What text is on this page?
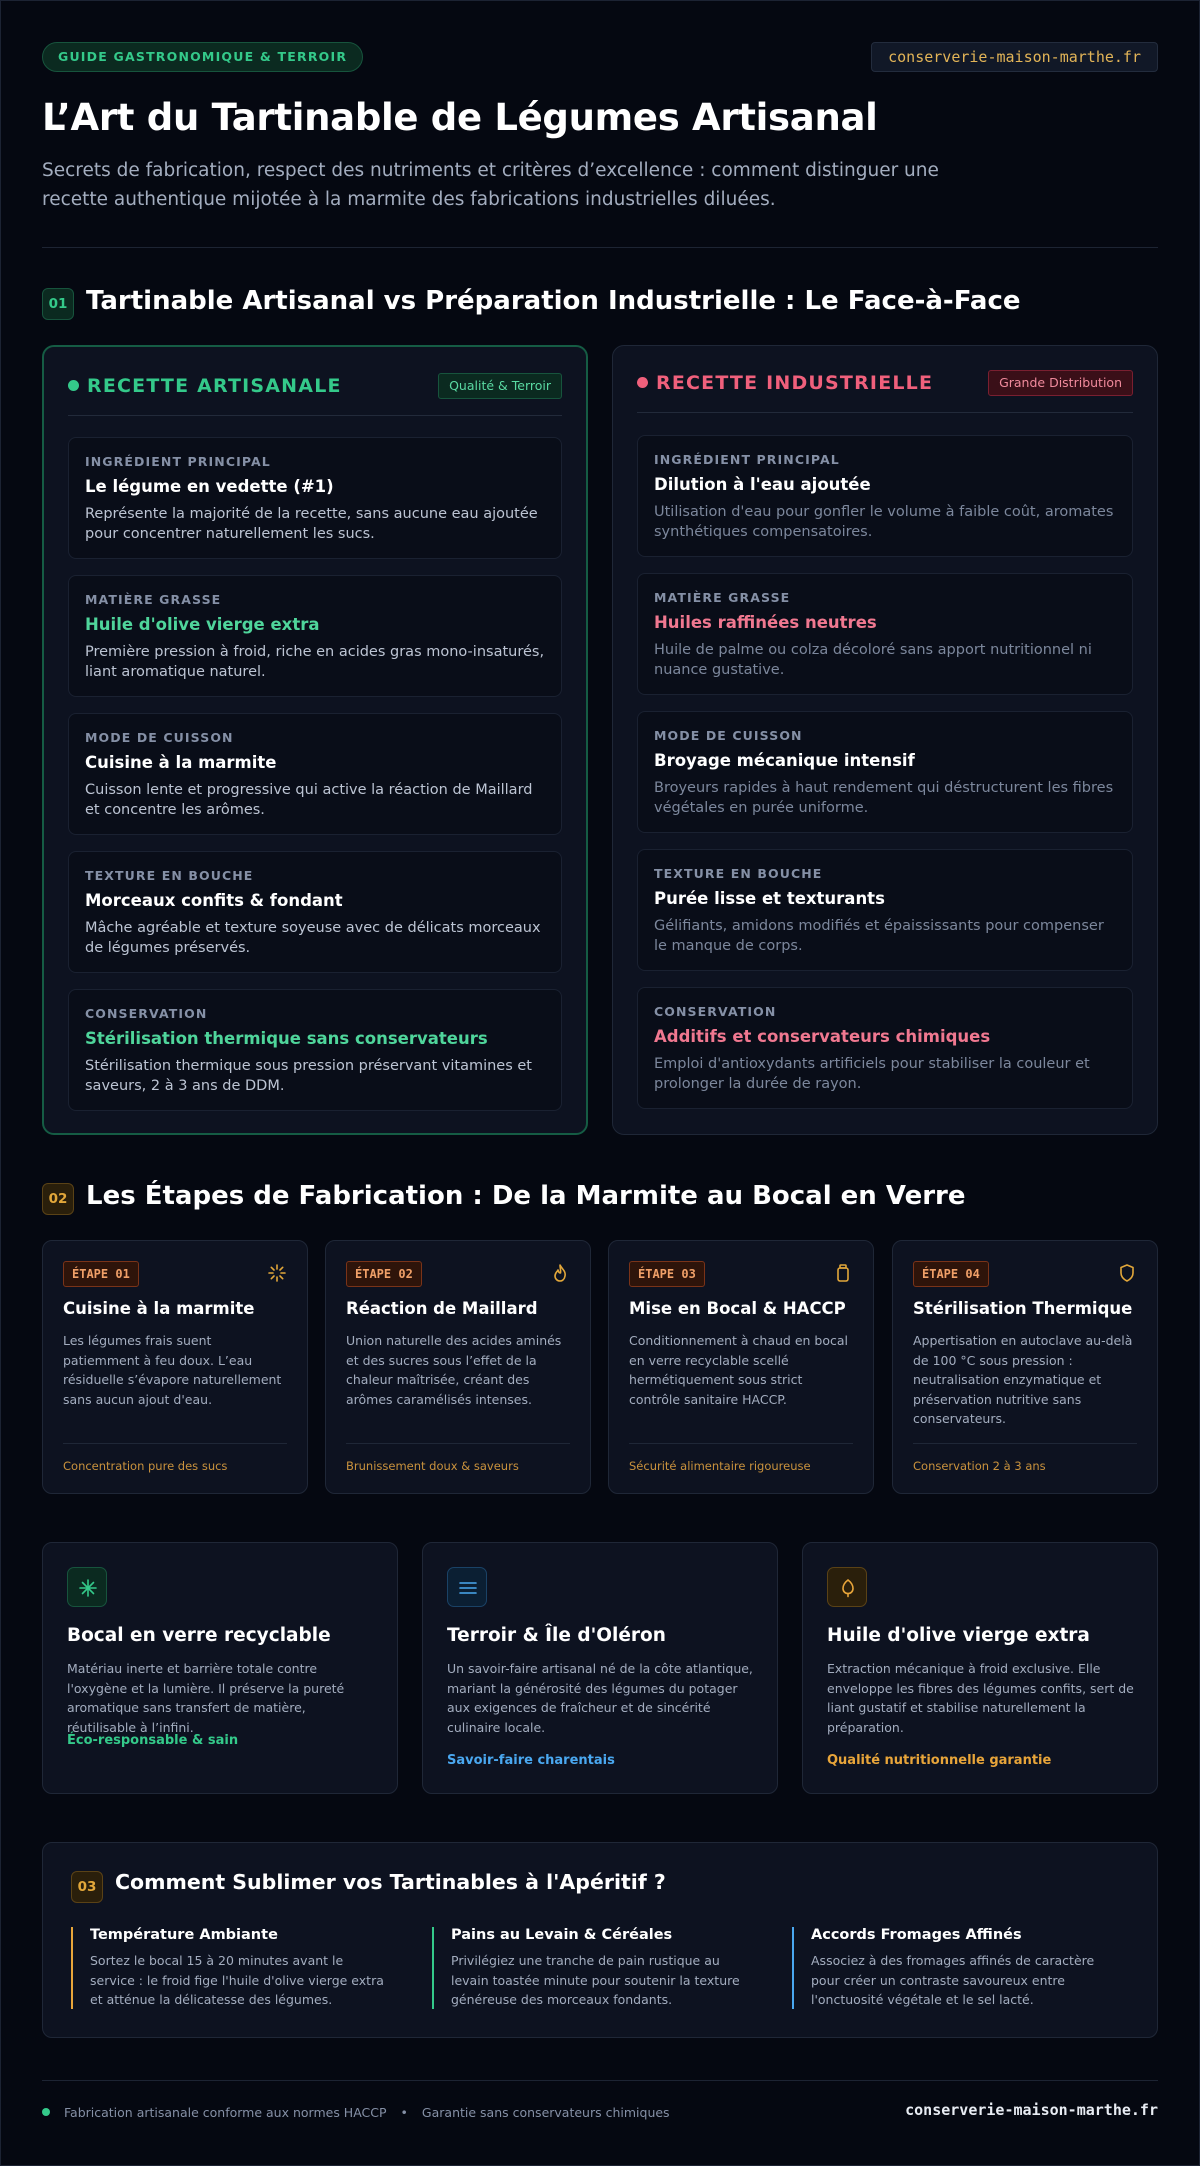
GUIDE GASTRONOMIQUE & TERROIR	conserverie-maison-marthe.fr
L’Art du Tartinable de Légumes Artisanal

Secrets de fabrication, respect des nutriments et critères d’excellence : comment distinguer une recette authentique mijotée à la marmite des fabrications industrielles diluées.

01 Tartinable Artisanal vs Préparation Industrielle : Le Face-à-Face
RECETTE ARTISANALE	Qualité & Terroir
INGRÉDIENT PRINCIPAL
Le légume en vedette (#1)
Représente la majorité de la recette, sans aucune eau ajoutée pour concentrer naturellement les sucs.
MATIÈRE GRASSE
Huile d'olive vierge extra
Première pression à froid, riche en acides gras mono-insaturés, liant aromatique naturel.
MODE DE CUISSON
Cuisine à la marmite
Cuisson lente et progressive qui active la réaction de Maillard et concentre les arômes.
TEXTURE EN BOUCHE
Morceaux confits & fondant
Mâche agréable et texture soyeuse avec de délicats morceaux de légumes préservés.
CONSERVATION
Stérilisation thermique sans conservateurs
Stérilisation thermique sous pression préservant vitamines et saveurs, 2 à 3 ans de DDM.
RECETTE INDUSTRIELLE	Grande Distribution
INGRÉDIENT PRINCIPAL
Dilution à l'eau ajoutée
Utilisation d'eau pour gonfler le volume à faible coût, aromates synthétiques compensatoires.
MATIÈRE GRASSE
Huiles raffinées neutres
Huile de palme ou colza décoloré sans apport nutritionnel ni nuance gustative.
MODE DE CUISSON
Broyage mécanique intensif
Broyeurs rapides à haut rendement qui déstructurent les fibres végétales en purée uniforme.
TEXTURE EN BOUCHE
Purée lisse et texturants
Gélifiants, amidons modifiés et épaississants pour compenser le manque de corps.
CONSERVATION
Additifs et conservateurs chimiques
Emploi d'antioxydants artificiels pour stabiliser la couleur et prolonger la durée de rayon.
02 Les Étapes de Fabrication : De la Marmite au Bocal en Verre
ÉTAPE 01
Cuisine à la marmite
Les légumes frais suent patiemment à feu doux. L’eau résiduelle s’évapore naturellement sans aucun ajout d'eau.
Concentration pure des sucs
ÉTAPE 02
Réaction de Maillard
Union naturelle des acides aminés et des sucres sous l’effet de la chaleur maîtrisée, créant des arômes caramélisés intenses.
Brunissement doux & saveurs
ÉTAPE 03
Mise en Bocal & HACCP
Conditionnement à chaud en bocal en verre recyclable scellé hermétiquement sous strict contrôle sanitaire HACCP.
Sécurité alimentaire rigoureuse
ÉTAPE 04
Stérilisation Thermique
Appertisation en autoclave au-delà de 100 °C sous pression : neutralisation enzymatique et préservation nutritive sans conservateurs.
Conservation 2 à 3 ans
Bocal en verre recyclable
Matériau inerte et barrière totale contre l'oxygène et la lumière. Il préserve la pureté aromatique sans transfert de matière, réutilisable à l’infini.
Éco-responsable & sain
Terroir & Île d'Oléron
Un savoir-faire artisanal né de la côte atlantique, mariant la générosité des légumes du potager aux exigences de fraîcheur et de sincérité culinaire locale.
Savoir-faire charentais
Huile d'olive vierge extra
Extraction mécanique à froid exclusive. Elle enveloppe les fibres des légumes confits, sert de liant gustatif et stabilise naturellement la préparation.
Qualité nutritionnelle garantie
03 Comment Sublimer vos Tartinables à l'Apéritif ?
Température Ambiante
Sortez le bocal 15 à 20 minutes avant le service : le froid fige l'huile d'olive vierge extra et atténue la délicatesse des légumes.
Pains au Levain & Céréales
Privilégiez une tranche de pain rustique au levain toastée minute pour soutenir la texture généreuse des morceaux fondants.
Accords Fromages Affinés
Associez à des fromages affinés de caractère pour créer un contraste savoureux entre l'onctuosité végétale et le sel lacté.
Fabrication artisanale conforme aux normes HACCP • Garantie sans conservateurs chimiques	conserverie-maison-marthe.fr
